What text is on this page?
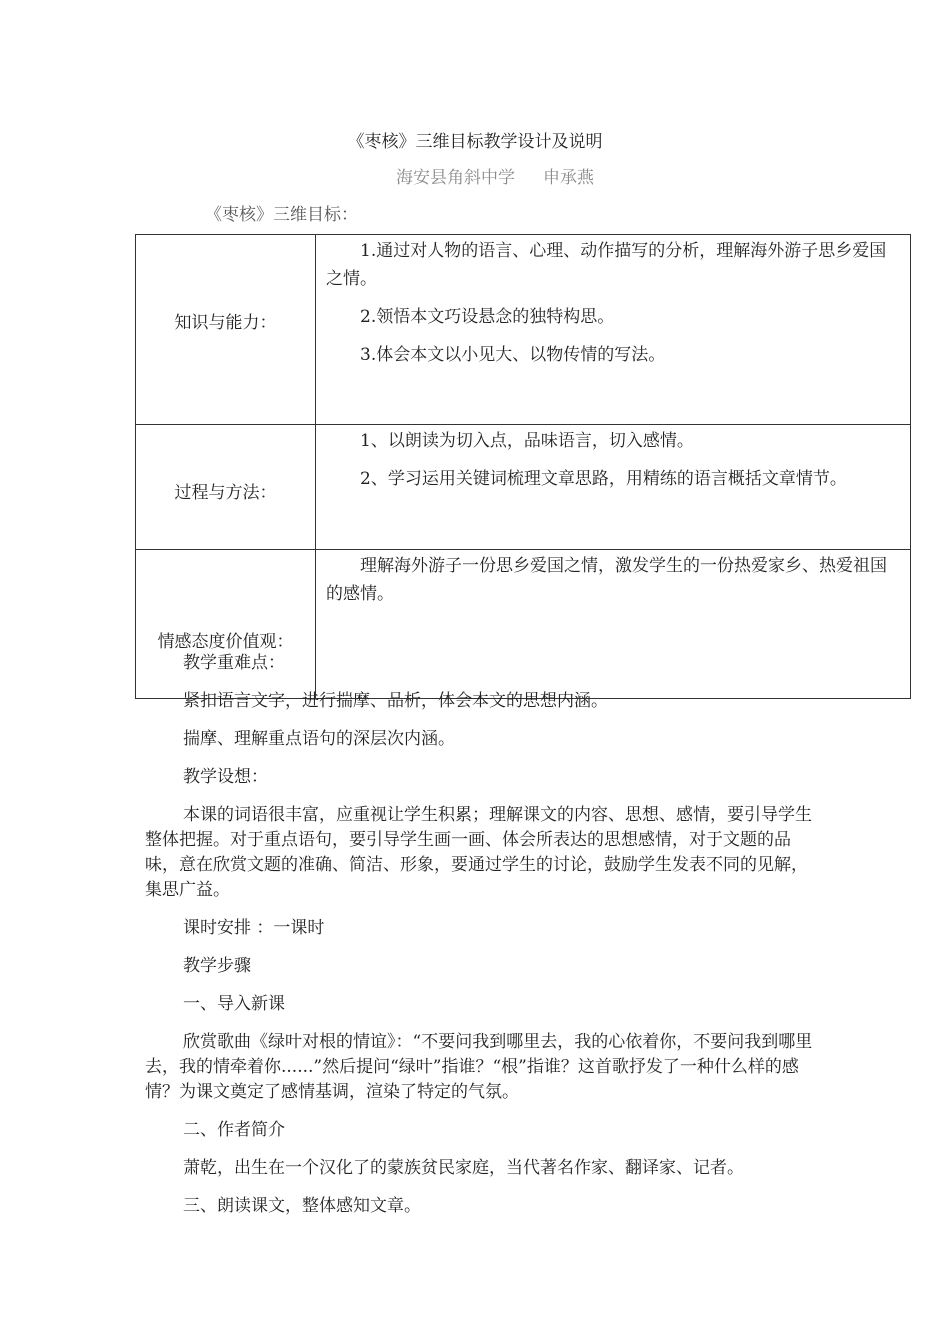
《枣核》三维目标教学设计及说明
海安县角斜中学 申承燕
《枣核》三维目标：
知识与能力：	1.通过对人物的语言、心理、动作描写的分析，理解海外游子思乡爱国之情。
2.领悟本文巧设悬念的独特构思。
3.体会本文以小见大、以物传情的写法。

过程与方法：	1、以朗读为切入点，品味语言，切入感情。
2、学习运用关键词梳理文章思路，用精练的语言概括文章情节。

情感态度价值观：	理解海外游子一份思乡爱国之情，激发学生的一份热爱家乡、热爱祖国的感情。

教学重难点：

紧扣语言文字，进行揣摩、品析，体会本文的思想内涵。

揣摩、理解重点语句的深层次内涵。

教学设想：

本课的词语很丰富，应重视让学生积累；理解课文的内容、思想、感情，要引导学生整体把握。对于重点语句，要引导学生画一画、体会所表达的思想感情，对于文题的品味，意在欣赏文题的准确、简洁、形象，要通过学生的讨论，鼓励学生发表不同的见解，集思广益。

课时安排 ：一课时

教学步骤

一、导入新课

欣赏歌曲《绿叶对根的情谊》：“不要问我到哪里去，我的心依着你，不要问我到哪里去，我的情牵着你......”然后提问“绿叶”指谁？“根”指谁？这首歌抒发了一种什么样的感情？为课文奠定了感情基调，渲染了特定的气氛。

二、作者简介

萧乾，出生在一个汉化了的蒙族贫民家庭，当代著名作家、翻译家、记者。

三、朗读课文，整体感知文章。
